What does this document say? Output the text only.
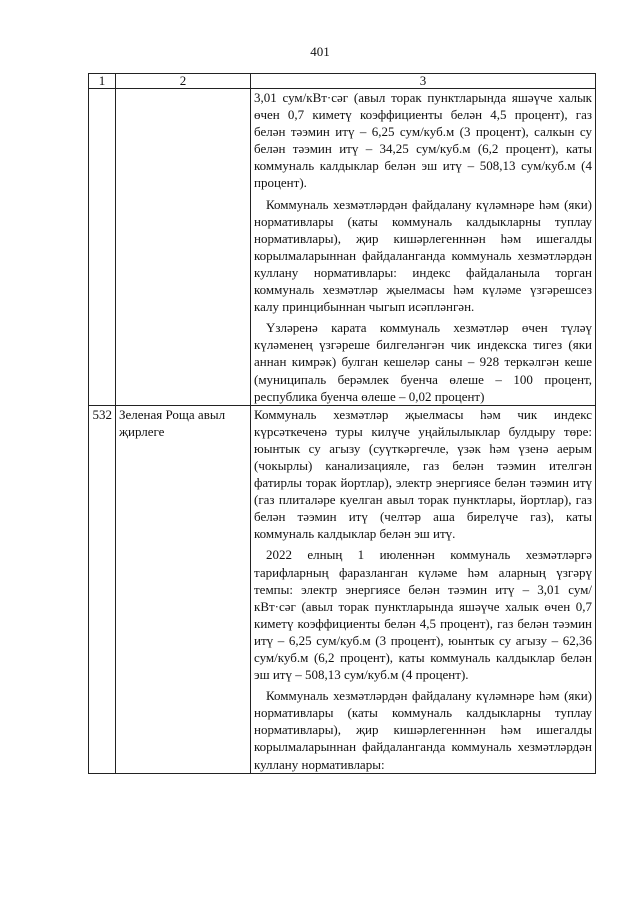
401
1	2	3

		3,01 сум/кВт·сәг (авыл торак пунктларында яшәүче халык өчен 0,7 киметү коэффициенты белән 4,5 процент), газ белән тәэмин итү – 6,25 сум/куб.м (3 процент), салкын су белән тәэмин итү – 34,25 сум/куб.м (6,2 процент), каты коммуналь калдыклар белән эш итү – 508,13 сум/куб.м (4 процент).

Коммуналь хезмәтләрдән файдалану күләмнәре һәм (яки) нормативлары (каты коммуналь калдыкларны туплау нормативлары), җир кишәрлегенннән һәм ишегалды корылмаларыннан файдаланганда коммуналь хезмәтләрдән куллану нормативлары: индекс файдаланыла торган коммуналь хезмәтләр җыелмасы һәм күләме үзгәрешсез калу принцибыннан чыгып исәпләнгән.

Үзләренә карата коммуналь хезмәтләр өчен түләү күләменең үзгәреше билгеләнгән чик индекска тигез (яки аннан кимрәк) булган кешеләр саны – 928 теркәлгән кеше (муниципаль берәмлек буенча өлеше – 100 процент, республика буенча өлеше – 0,02 процент)

532	Зеленая Роща авыл җирлеге	Коммуналь хезмәтләр җыелмасы һәм чик индекс күрсәткеченә туры килүче уңайлылыклар булдыру төре: юынтык су агызу (суүткәргечле, үзәк һәм үзенә аерым (чокырлы) канализацияле, газ белән тәэмин ителгән фатирлы торак йортлар), электр энергиясе белән тәэмин итү (газ плиталәре куелган авыл торак пунктлары, йортлар), газ белән тәэмин итү (челтәр аша бирелүче газ), каты коммуналь калдыклар белән эш итү.

2022 елның 1 июленнән коммуналь хезмәтләргә тарифларның фаразланган күләме һәм аларның үзгәрү темпы: электр энергиясе белән тәэмин итү – 3,01 сум/кВт·сәг (авыл торак пунктларында яшәүче халык өчен 0,7 киметү коэффициенты белән 4,5 процент), газ белән тәэмин итү – 6,25 сум/куб.м (3 процент), юынтык су агызу – 62,36 сум/куб.м (6,2 процент), каты коммуналь калдыклар белән эш итү – 508,13 сум/куб.м (4 процент).

Коммуналь хезмәтләрдән файдалану күләмнәре һәм (яки) нормативлары (каты коммуналь калдыкларны туплау нормативлары), җир кишәрлегенннән һәм ишегалды корылмаларыннан файдаланганда коммуналь хезмәтләрдән куллану нормативлары:
